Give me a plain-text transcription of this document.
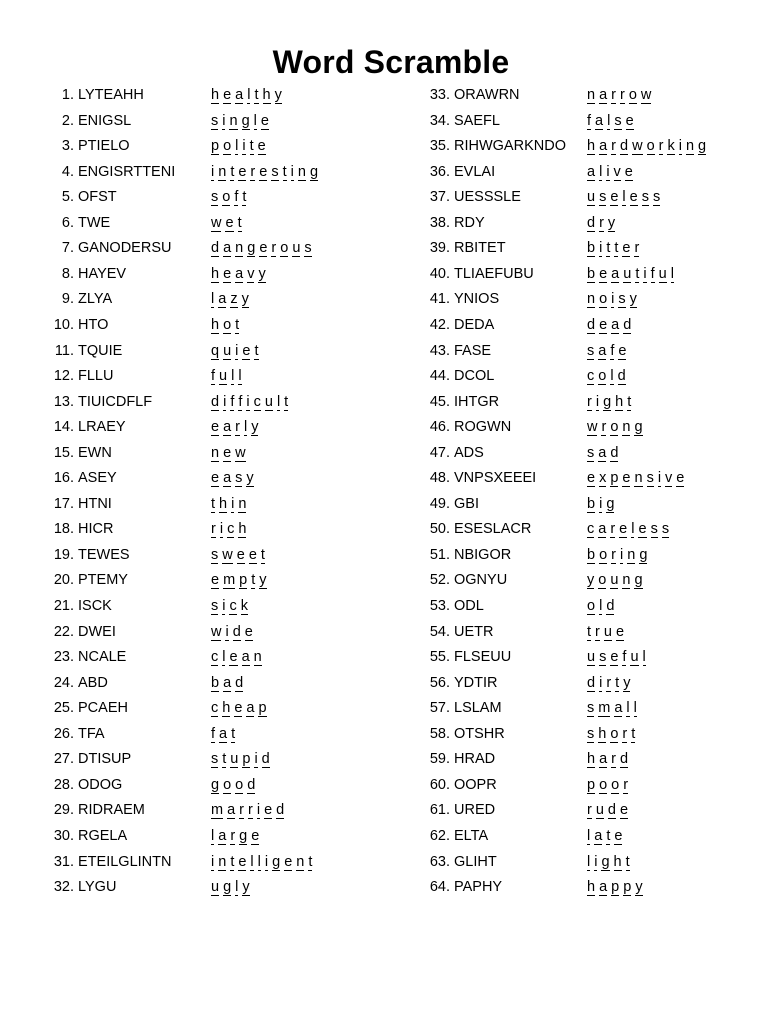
Word Scramble
1. LYTEAHH	h e a l t h y
2. ENIGSL	s i n g l e
3. PTIELO	p o l i t e
4. ENGISRTTENI i n t e r e s t i n g
5. OFST	s o f t
6. TWE	w e t
7. GANODERSU	d a n g e r o u s
8. HAYEV	h e a v y
9. ZLYA	l a z y
10. HTO	h o t
11. TQUIE	q u i e t
12. FLLU	f u l l
13. TIUICDFLF	d i f f i c u l t
14. LRAEY	e a r l y
15. EWN	n e w
16. ASEY	e a s y
17. HTNI	t h i n
18. HICR	r i c h
19. TEWES	s w e e t
20. PTEMY	e m p t y
21. ISCK	s i c k
22. DWEI	w i d e
23. NCALE	c l e a n
24. ABD	b a d
25. PCAEH	c h e a p
26. TFA	f a t
27. DTISUP	s t u p i d
28. ODOG	g o o d
29. RIDRAEM	m a r r i e d
30. RGELA	l a r g e
31. ETEILGLINTN	i n t e l l i g e n t
32. LYGU	u g l y
33. ORAWRN	n a r r o w
34. SAEFL	f a l s e
35. RIHWGARKNDO h a r d w o r k i n g
36. EVLAI	a l i v e
37. UESSSLE	u s e l e s s
38. RDY	d r y
39. RBITET	b i t t e r
40. TLIAEFUBU	b e a u t i f u l
41. YNIOS	n o i s y
42. DEDA	d e a d
43. FASE	s a f e
44. DCOL	c o l d
45. IHTGR	r i g h t
46. ROGWN	w r o n g
47. ADS	s a d
48. VNPSXEEEI	e x p e n s i v e
49. GBI	b i g
50. ESESLACR	c a r e l e s s
51. NBIGOR	b o r i n g
52. OGNYU	y o u n g
53. ODL	o l d
54. UETR	t r u e
55. FLSEUU	u s e f u l
56. YDTIR	d i r t y
57. LSLAM	s m a l l
58. OTSHR	s h o r t
59. HRAD	h a r d
60. OOPR	p o o r
61. URED	r u d e
62. ELTA	l a t e
63. GLIHT	l i g h t
64. PAPHY	h a p p y
